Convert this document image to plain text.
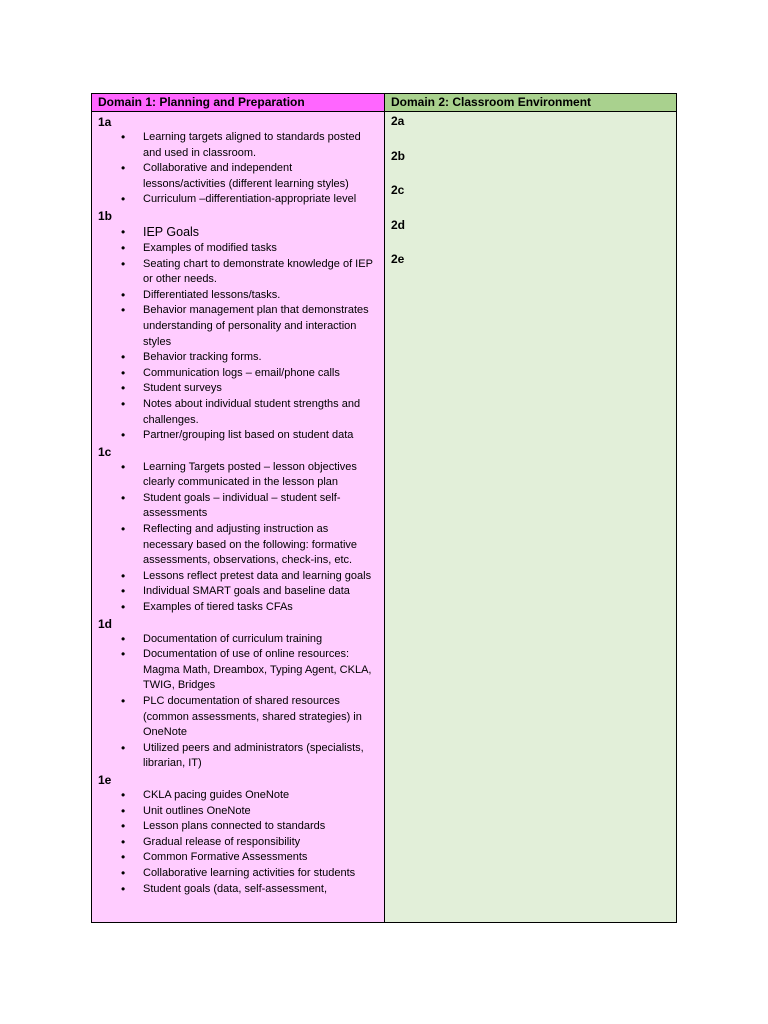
Domain 1: Planning and Preparation	Domain 2: Classroom Environment
1a
• Learning targets aligned to standards posted and used in classroom.
• Collaborative and independent lessons/activities (different learning styles)
• Curriculum –differentiation-appropriate level
1b
• IEP Goals
• Examples of modified tasks
• Seating chart to demonstrate knowledge of IEP or other needs.
• Differentiated lessons/tasks.
• Behavior management plan that demonstrates understanding of personality and interaction styles
• Behavior tracking forms.
• Communication logs – email/phone calls
• Student surveys
• Notes about individual student strengths and challenges.
• Partner/grouping list based on student data
1c
• Learning Targets posted – lesson objectives clearly communicated in the lesson plan
• Student goals – individual – student self-assessments
• Reflecting and adjusting instruction as necessary based on the following: formative assessments, observations, check-ins, etc.
• Lessons reflect pretest data and learning goals
• Individual SMART goals and baseline data
• Examples of tiered tasks CFAs
1d
• Documentation of curriculum training
• Documentation of use of online resources: Magma Math, Dreambox, Typing Agent, CKLA, TWIG, Bridges
• PLC documentation of shared resources (common assessments, shared strategies) in OneNote
• Utilized peers and administrators (specialists, librarian, IT)
1e
• CKLA pacing guides OneNote
• Unit outlines OneNote
• Lesson plans connected to standards
• Gradual release of responsibility
• Common Formative Assessments
• Collaborative learning activities for students
• Student goals (data, self-assessment,
2a
2b
2c
2d
2e
